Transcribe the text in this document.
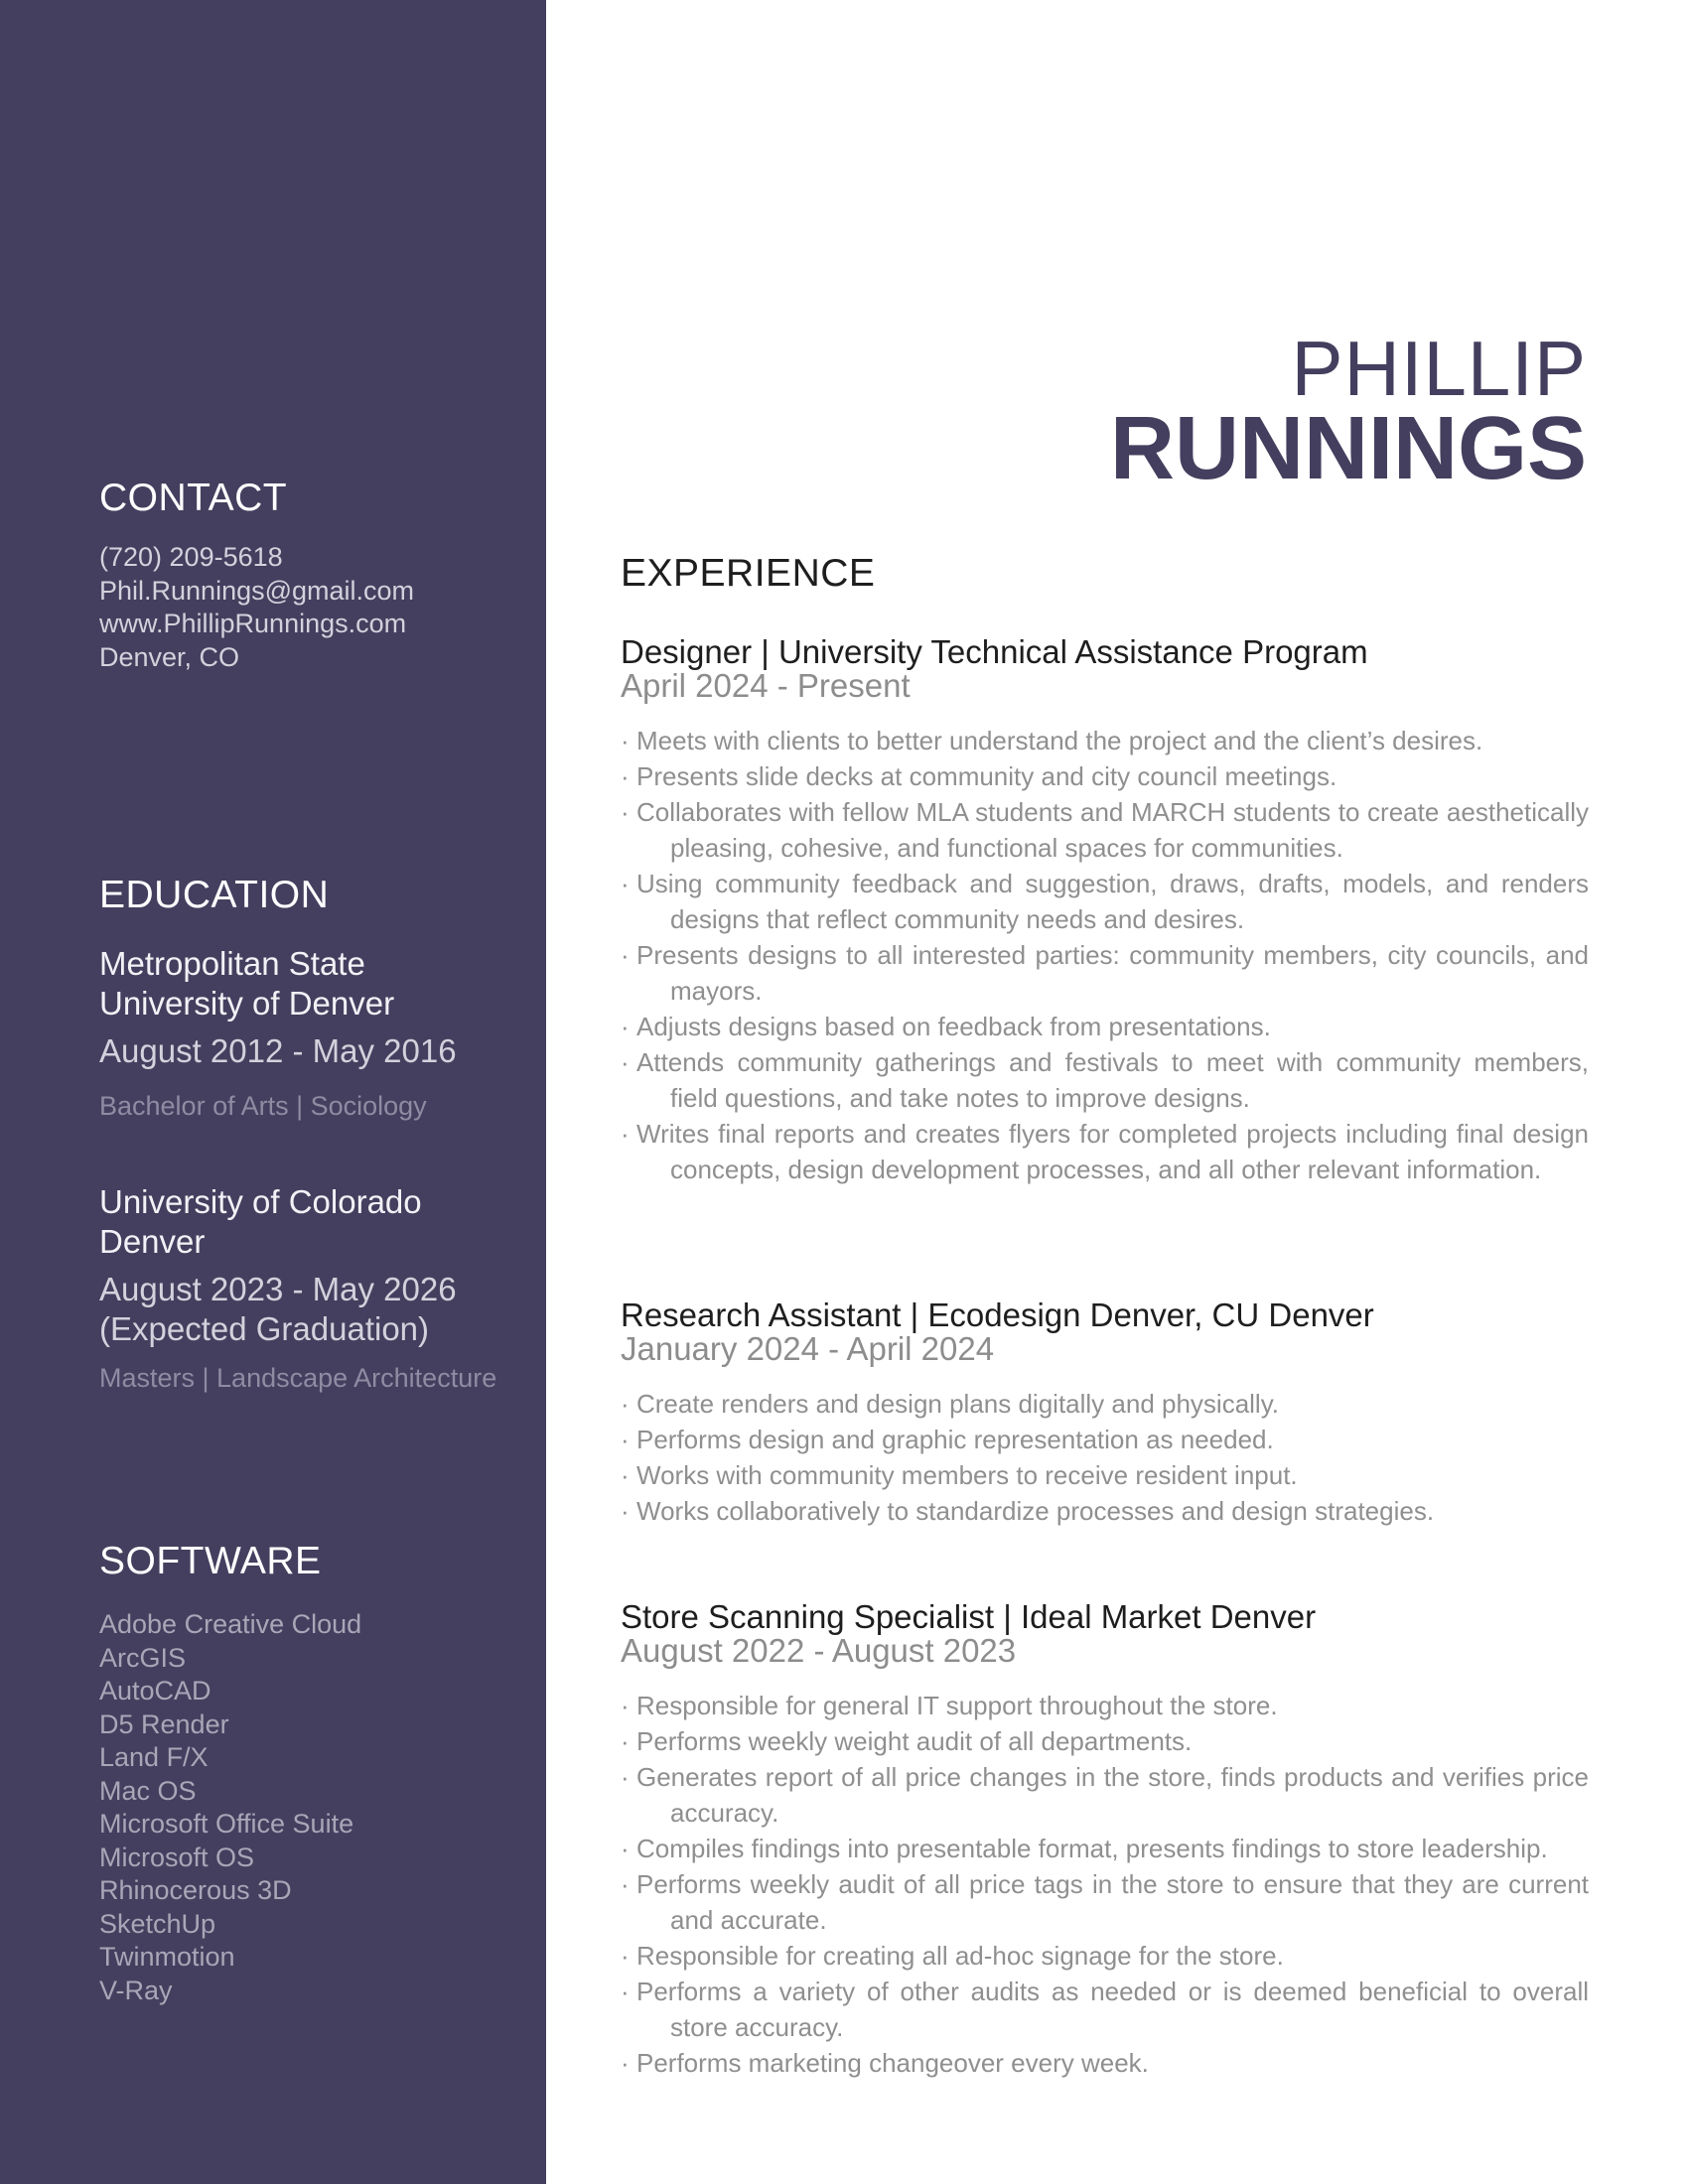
CONTACT
(720) 209-5618
Phil.Runnings@gmail.com
www.PhillipRunnings.com
Denver, CO
EDUCATION
Metropolitan State
University of Denver
August 2012 - May 2016
Bachelor of Arts | Sociology
University of Colorado
Denver
August 2023 - May 2026
(Expected Graduation)
Masters | Landscape Architecture
SOFTWARE
Adobe Creative Cloud
ArcGIS
AutoCAD
D5 Render
Land F/X
Mac OS
Microsoft Office Suite
Microsoft OS
Rhinocerous 3D
SketchUp
Twinmotion
V-Ray
PHILLIP
RUNNINGS
EXPERIENCE
Designer | University Technical Assistance Program
April 2024 - Present
· Meets with clients to better understand the project and the client’s desires.
· Presents slide decks at community and city council meetings.
· Collaborates with fellow MLA students and MARCH students to create aesthetically pleasing, cohesive, and functional spaces for communities.
· Using community feedback and suggestion, draws, drafts, models, and renders designs that reflect community needs and desires.
· Presents designs to all interested parties: community members, city councils, and mayors.
· Adjusts designs based on feedback from presentations.
· Attends community gatherings and festivals to meet with community members, field questions, and take notes to improve designs.
· Writes final reports and creates flyers for completed projects including final design concepts, design development processes, and all other relevant information.
Research Assistant | Ecodesign Denver, CU Denver
January 2024 - April 2024
· Create renders and design plans digitally and physically.
· Performs design and graphic representation as needed.
· Works with community members to receive resident input.
· Works collaboratively to standardize processes and design strategies.
Store Scanning Specialist | Ideal Market Denver
August 2022 - August 2023
· Responsible for general IT support throughout the store.
· Performs weekly weight audit of all departments.
· Generates report of all price changes in the store, finds products and verifies price accuracy.
· Compiles findings into presentable format, presents findings to store leadership.
· Performs weekly audit of all price tags in the store to ensure that they are current and accurate.
· Responsible for creating all ad-hoc signage for the store.
· Performs a variety of other audits as needed or is deemed beneficial to overall store accuracy.
· Performs marketing changeover every week.
